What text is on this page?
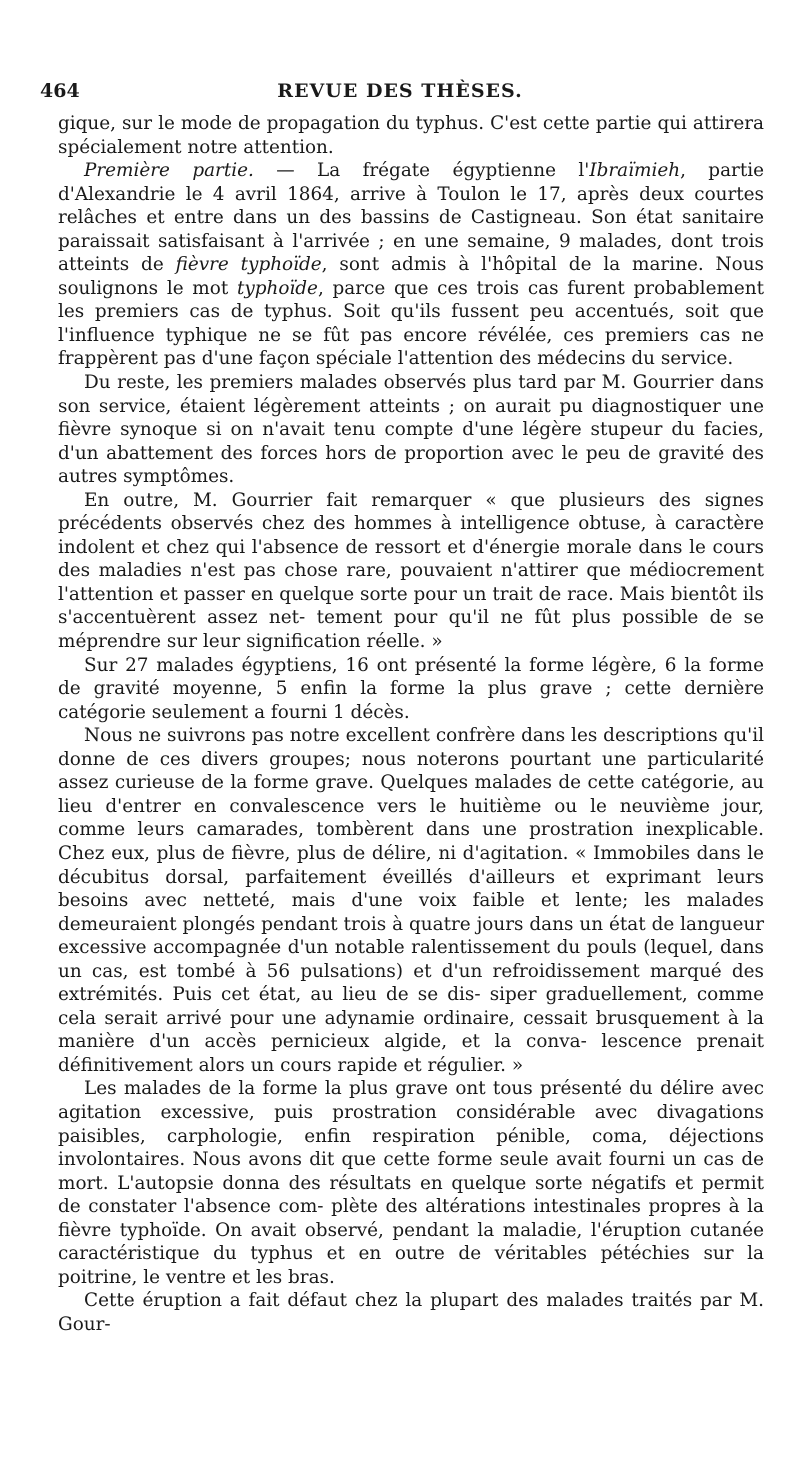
464	REVUE DES THÈSES.

gique, sur le mode de propagation du typhus. C'est cette partie qui attirera spécialement notre attention.

Première partie. — La frégate égyptienne l'Ibraïmieh, partie d'Alexandrie le 4 avril 1864, arrive à Toulon le 17, après deux courtes relâches et entre dans un des bassins de Castigneau. Son état sanitaire paraissait satisfaisant à l'arrivée ; en une semaine, 9 malades, dont trois atteints de fièvre typhoïde, sont admis à l'hôpital de la marine. Nous soulignons le mot typhoïde, parce que ces trois cas furent probablement les premiers cas de typhus. Soit qu'ils fussent peu accentués, soit que l'influence typhique ne se fût pas encore révélée, ces premiers cas ne frappèrent pas d'une façon spéciale l'attention des médecins du service.

Du reste, les premiers malades observés plus tard par M. Gourrier dans son service, étaient légèrement atteints ; on aurait pu diagnostiquer une fièvre synoque si on n'avait tenu compte d'une légère stupeur du facies, d'un abattement des forces hors de proportion avec le peu de gravité des autres symptômes.

En outre, M. Gourrier fait remarquer « que plusieurs des signes précédents observés chez des hommes à intelligence obtuse, à caractère indolent et chez qui l'absence de ressort et d'énergie morale dans le cours des maladies n'est pas chose rare, pouvaient n'attirer que médiocrement l'attention et passer en quelque sorte pour un trait de race. Mais bientôt ils s'accentuèrent assez net- tement pour qu'il ne fût plus possible de se méprendre sur leur signification réelle. »

Sur 27 malades égyptiens, 16 ont présenté la forme légère, 6 la forme de gravité moyenne, 5 enfin la forme la plus grave ; cette dernière catégorie seulement a fourni 1 décès.

Nous ne suivrons pas notre excellent confrère dans les descriptions qu'il donne de ces divers groupes; nous noterons pourtant une particularité assez curieuse de la forme grave. Quelques malades de cette catégorie, au lieu d'entrer en convalescence vers le huitième ou le neuvième jour, comme leurs camarades, tombèrent dans une prostration inexplicable. Chez eux, plus de fièvre, plus de délire, ni d'agitation. « Immobiles dans le décubitus dorsal, parfaitement éveillés d'ailleurs et exprimant leurs besoins avec netteté, mais d'une voix faible et lente; les malades demeuraient plongés pendant trois à quatre jours dans un état de langueur excessive accompagnée d'un notable ralentissement du pouls (lequel, dans un cas, est tombé à 56 pulsations) et d'un refroidissement marqué des extrémités. Puis cet état, au lieu de se dis- siper graduellement, comme cela serait arrivé pour une adynamie ordinaire, cessait brusquement à la manière d'un accès pernicieux algide, et la conva- lescence prenait définitivement alors un cours rapide et régulier. »

Les malades de la forme la plus grave ont tous présenté du délire avec agitation excessive, puis prostration considérable avec divagations paisibles, carphologie, enfin respiration pénible, coma, déjections involontaires. Nous avons dit que cette forme seule avait fourni un cas de mort. L'autopsie donna des résultats en quelque sorte négatifs et permit de constater l'absence com- plète des altérations intestinales propres à la fièvre typhoïde. On avait observé, pendant la maladie, l'éruption cutanée caractéristique du typhus et en outre de véritables pétéchies sur la poitrine, le ventre et les bras.

Cette éruption a fait défaut chez la plupart des malades traités par M. Gour-
